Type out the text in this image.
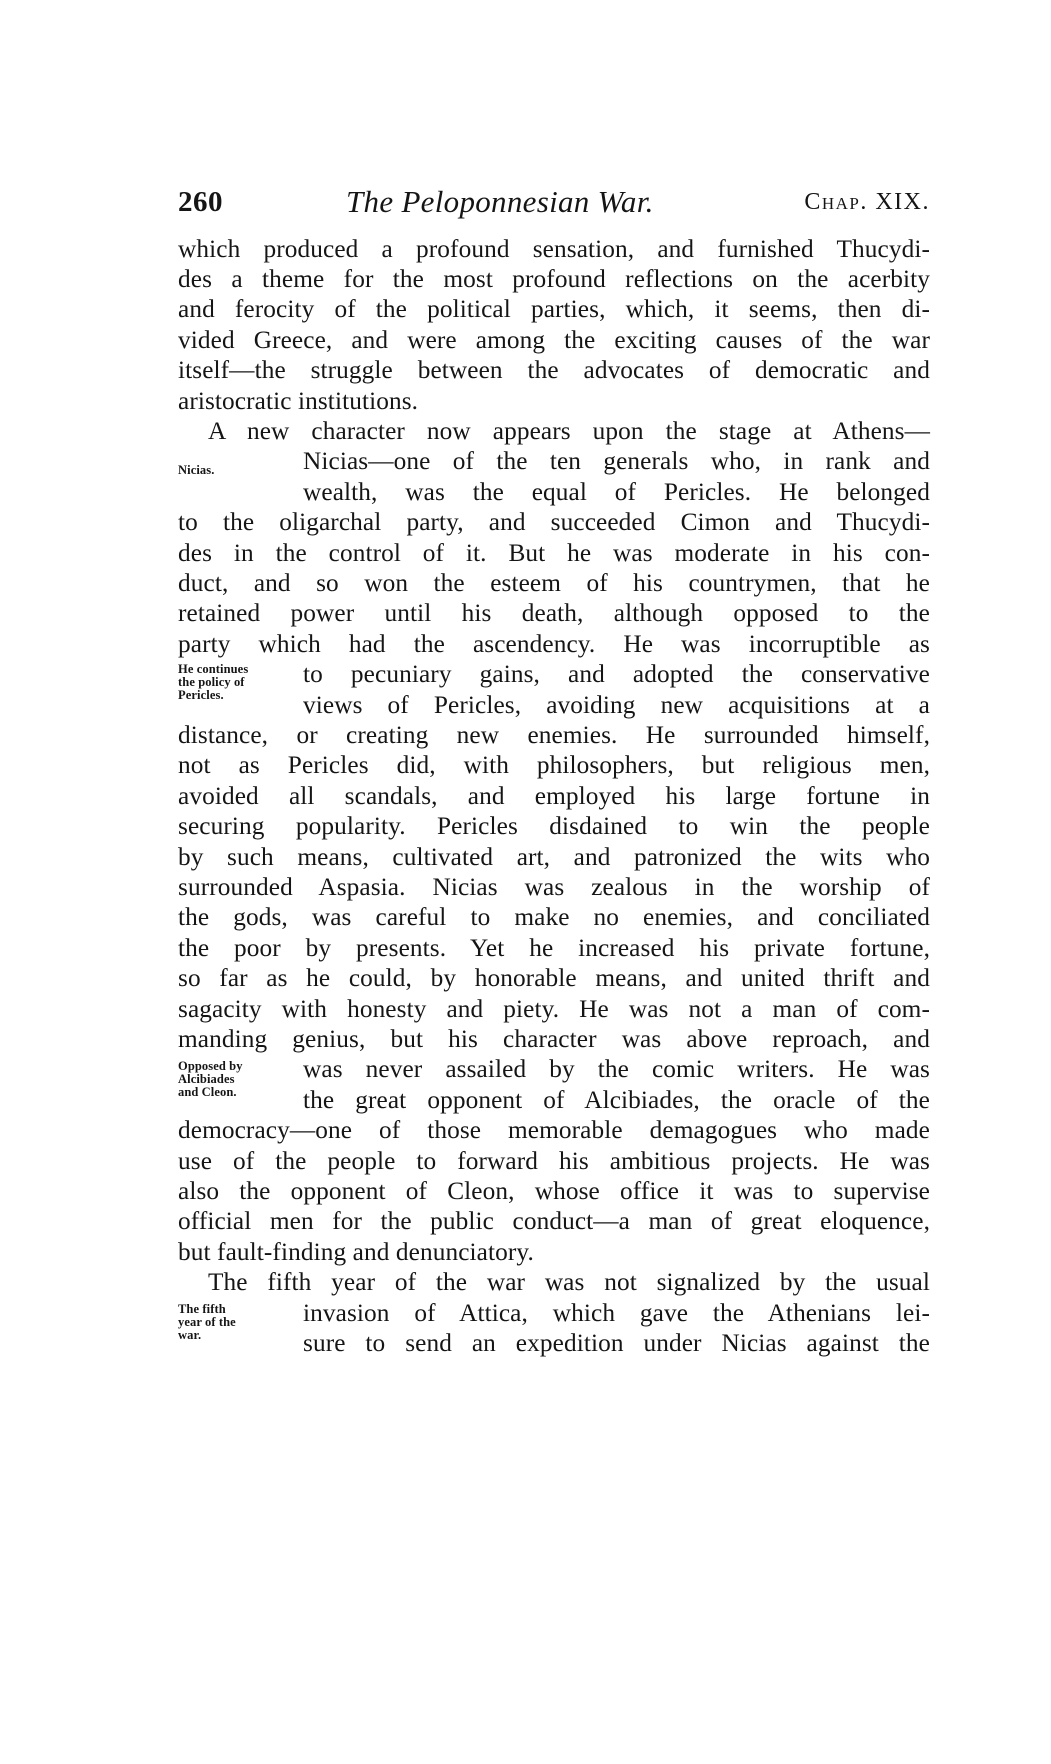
260	The Peloponnesian War.	Chap. XIX.
which produced a profound sensation, and furnished Thucydi-
des a theme for the most profound reflections on the acerbity
and ferocity of the political parties, which, it seems, then di-
vided Greece, and were among the exciting causes of the war
itself—the struggle between the advocates of democratic and
aristocratic institutions.
A new character now appears upon the stage at Athens—
Nicias—one of the ten generals who, in rank and
wealth, was the equal of Pericles. He belonged
to the oligarchal party, and succeeded Cimon and Thucydi-
des in the control of it. But he was moderate in his con-
duct, and so won the esteem of his countrymen, that he
retained power until his death, although opposed to the
party which had the ascendency. He was incorruptible as
to pecuniary gains, and adopted the conservative
views of Pericles, avoiding new acquisitions at a
distance, or creating new enemies. He surrounded himself,
not as Pericles did, with philosophers, but religious men,
avoided all scandals, and employed his large fortune in
securing popularity. Pericles disdained to win the people
by such means, cultivated art, and patronized the wits who
surrounded Aspasia. Nicias was zealous in the worship of
the gods, was careful to make no enemies, and conciliated
the poor by presents. Yet he increased his private fortune,
so far as he could, by honorable means, and united thrift and
sagacity with honesty and piety. He was not a man of com-
manding genius, but his character was above reproach, and
was never assailed by the comic writers. He was
the great opponent of Alcibiades, the oracle of the
democracy—one of those memorable demagogues who made
use of the people to forward his ambitious projects. He was
also the opponent of Cleon, whose office it was to supervise
official men for the public conduct—a man of great eloquence,
but fault-finding and denunciatory.
The fifth year of the war was not signalized by the usual
invasion of Attica, which gave the Athenians lei-
sure to send an expedition under Nicias against the
Nicias.
He continues
the policy of
Pericles.
Opposed by
Alcibiades
and Cleon.
The fifth
year of the
war.
